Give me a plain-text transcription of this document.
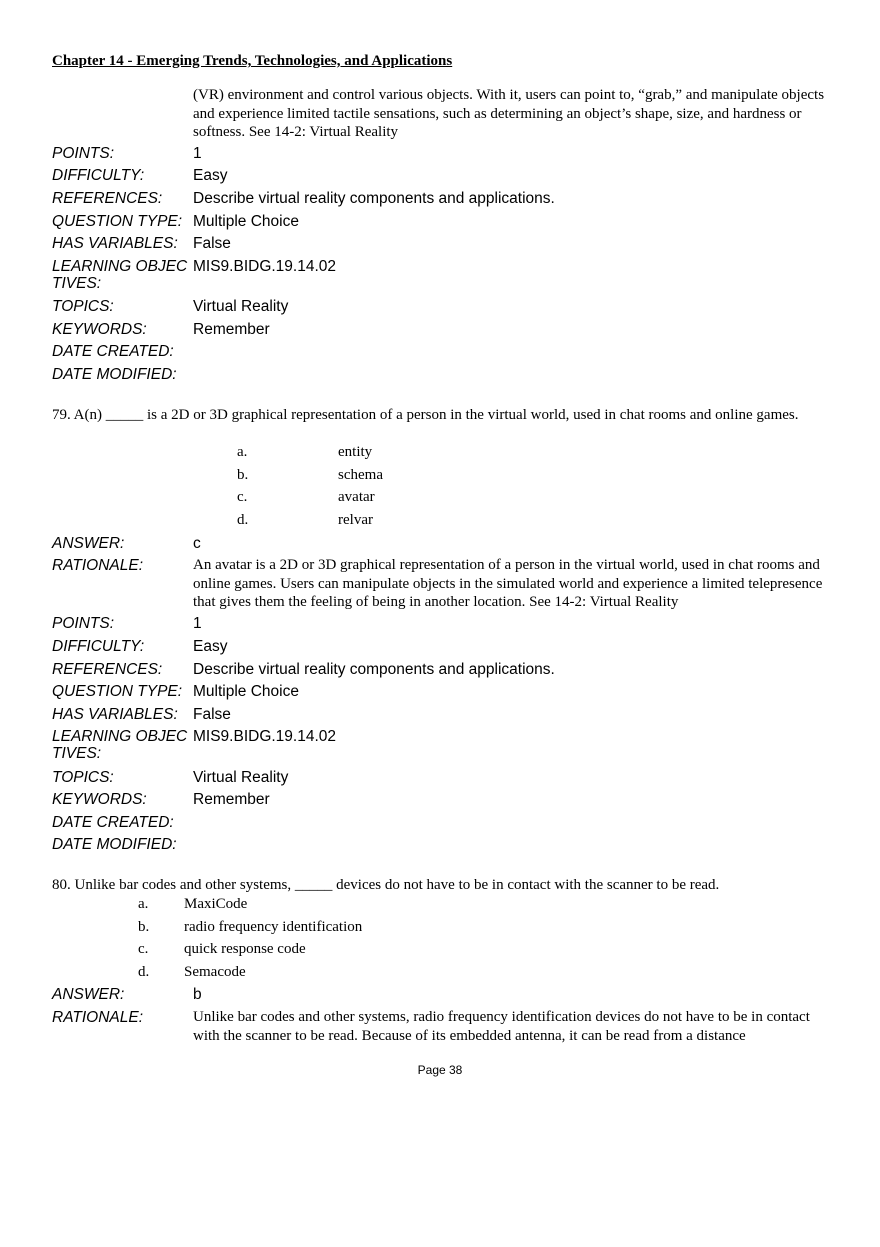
Chapter 14 - Emerging Trends, Technologies, and Applications
(VR) environment and control various objects. With it, users can point to, “grab,” and manipulate objects and experience limited tactile sensations, such as determining an object’s shape, size, and hardness or softness. See 14-2: Virtual Reality
POINTS:	1
DIFFICULTY:	Easy
REFERENCES:	Describe virtual reality components and applications.
QUESTION TYPE: Multiple Choice
HAS VARIABLES: False
LEARNING OBJECTIVES:
MIS9.BIDG.19.14.02
TOPICS:	Virtual Reality
KEYWORDS:	Remember
DATE CREATED:
DATE MODIFIED:
79. A(n) _____ is a 2D or 3D graphical representation of a person in the virtual world, used in chat rooms and online games.
a.	entity
b.	schema
c.	avatar
d.	relvar
ANSWER:	c
RATIONALE:	An avatar is a 2D or 3D graphical representation of a person in the virtual world, used in chat rooms and online games. Users can manipulate objects in the simulated world and experience a limited telepresence that gives them the feeling of being in another location. See 14-2: Virtual Reality
POINTS:	1
DIFFICULTY:	Easy
REFERENCES:	Describe virtual reality components and applications.
QUESTION TYPE: Multiple Choice
HAS VARIABLES: False
LEARNING OBJECTIVES:
MIS9.BIDG.19.14.02
TOPICS:	Virtual Reality
KEYWORDS:	Remember
DATE CREATED:
DATE MODIFIED:
80. Unlike bar codes and other systems, _____ devices do not have to be in contact with the scanner to be read.
a. MaxiCode
b. radio frequency identification
c. quick response code
d. Semacode
ANSWER:	b
RATIONALE:	Unlike bar codes and other systems, radio frequency identification devices do not have to be in contact with the scanner to be read. Because of its embedded antenna, it can be read from a distance
Page 38
